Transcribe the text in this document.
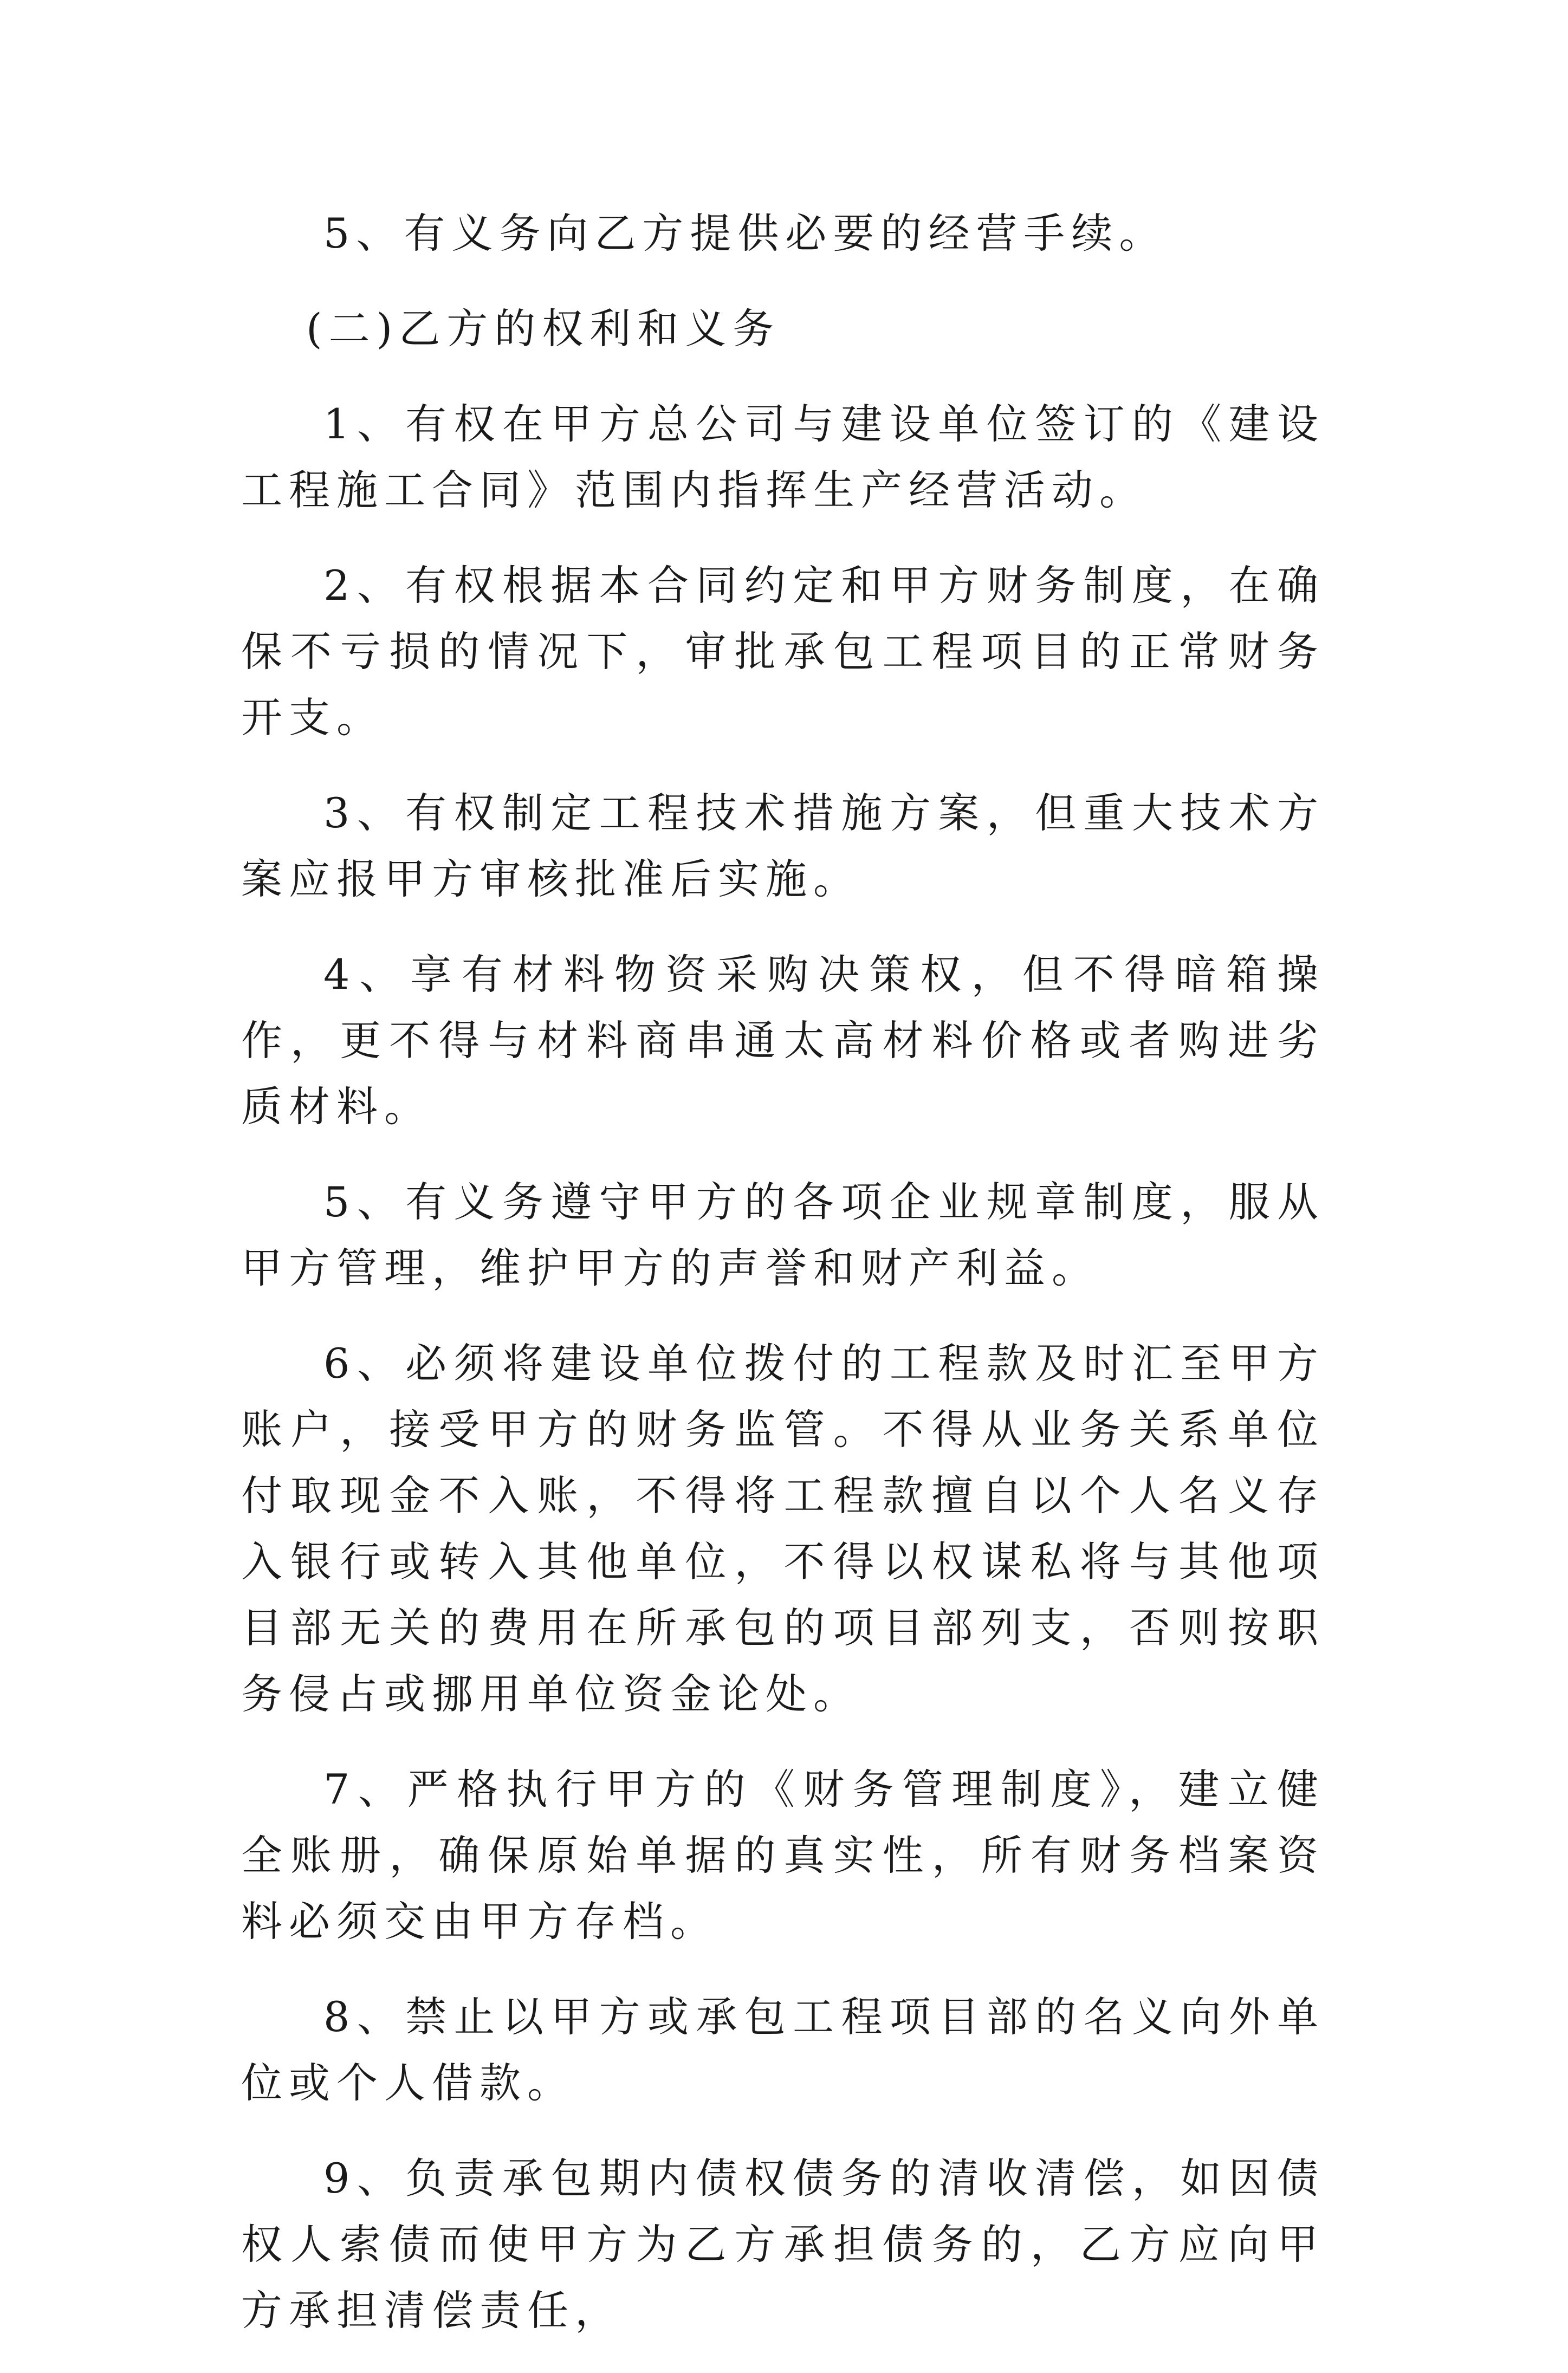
5、有义务向乙方提供必要的经营手续。

(二)乙方的权利和义务

1、有权在甲方总公司与建设单位签订的《建设工程施工合同》范围内指挥生产经营活动。

2、有权根据本合同约定和甲方财务制度，在确保不亏损的情况下，审批承包工程项目的正常财务开支。

3、有权制定工程技术措施方案，但重大技术方案应报甲方审核批准后实施。

4、享有材料物资采购决策权，但不得暗箱操作，更不得与材料商串通太高材料价格或者购进劣质材料。

5、有义务遵守甲方的各项企业规章制度，服从甲方管理，维护甲方的声誉和财产利益。

6、必须将建设单位拨付的工程款及时汇至甲方账户，接受甲方的财务监管。不得从业务关系单位付取现金不入账，不得将工程款擅自以个人名义存入银行或转入其他单位，不得以权谋私将与其他项目部无关的费用在所承包的项目部列支，否则按职务侵占或挪用单位资金论处。

7、严格执行甲方的《财务管理制度》，建立健全账册，确保原始单据的真实性，所有财务档案资料必须交由甲方存档。

8、禁止以甲方或承包工程项目部的名义向外单位或个人借款。

9、负责承包期内债权债务的清收清偿，如因债权人索债而使甲方为乙方承担债务的，乙方应向甲方承担清偿责任，
